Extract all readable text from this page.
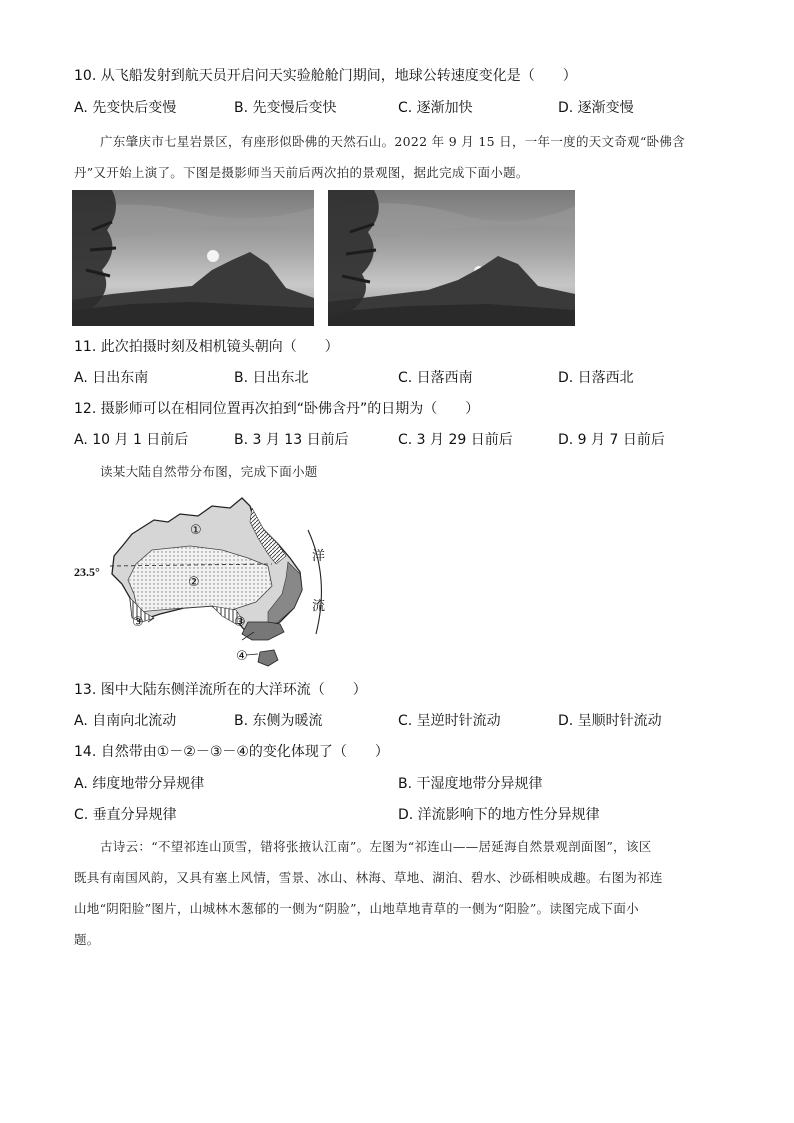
10. 从飞船发射到航天员开启问天实验舱舱门期间，地球公转速度变化是（　　）
A. 先变快后变慢	B. 先变慢后变快	C. 逐渐加快	D. 逐渐变慢
广东肇庆市七星岩景区，有座形似卧佛的天然石山。2022 年 9 月 15 日，一年一度的天文奇观“卧佛含
丹”又开始上演了。下图是摄影师当天前后两次拍的景观图，据此完成下面小题。
11. 此次拍摄时刻及相机镜头朝向（　　）
A. 日出东南	B. 日出东北	C. 日落西南	D. 日落西北
12. 摄影师可以在相同位置再次拍到“卧佛含丹”的日期为（　　）
A. 10 月 1 日前后	B. 3 月 13 日前后	C. 3 月 29 日前后	D. 9 月 7 日前后
读某大陆自然带分布图，完成下面小题
23.5°
洋
流
①
②
③	③
④
13. 图中大陆东侧洋流所在的大洋环流（　　）
A. 自南向北流动	B. 东侧为暖流	C. 呈逆时针流动	D. 呈顺时针流动
14. 自然带由①－②－③－④的变化体现了（　　）
A. 纬度地带分异规律	B. 干湿度地带分异规律
C. 垂直分异规律	D. 洋流影响下的地方性分异规律
古诗云：“不望祁连山顶雪，错将张掖认江南”。左图为“祁连山——居延海自然景观剖面图”，该区
既具有南国风韵，又具有塞上风情，雪景、冰山、林海、草地、湖泊、碧水、沙砾相映成趣。右图为祁连
山地“阴阳脸”图片，山城林木葱郁的一侧为“阴脸”，山地草地青草的一侧为“阳脸”。读图完成下面小
题。
